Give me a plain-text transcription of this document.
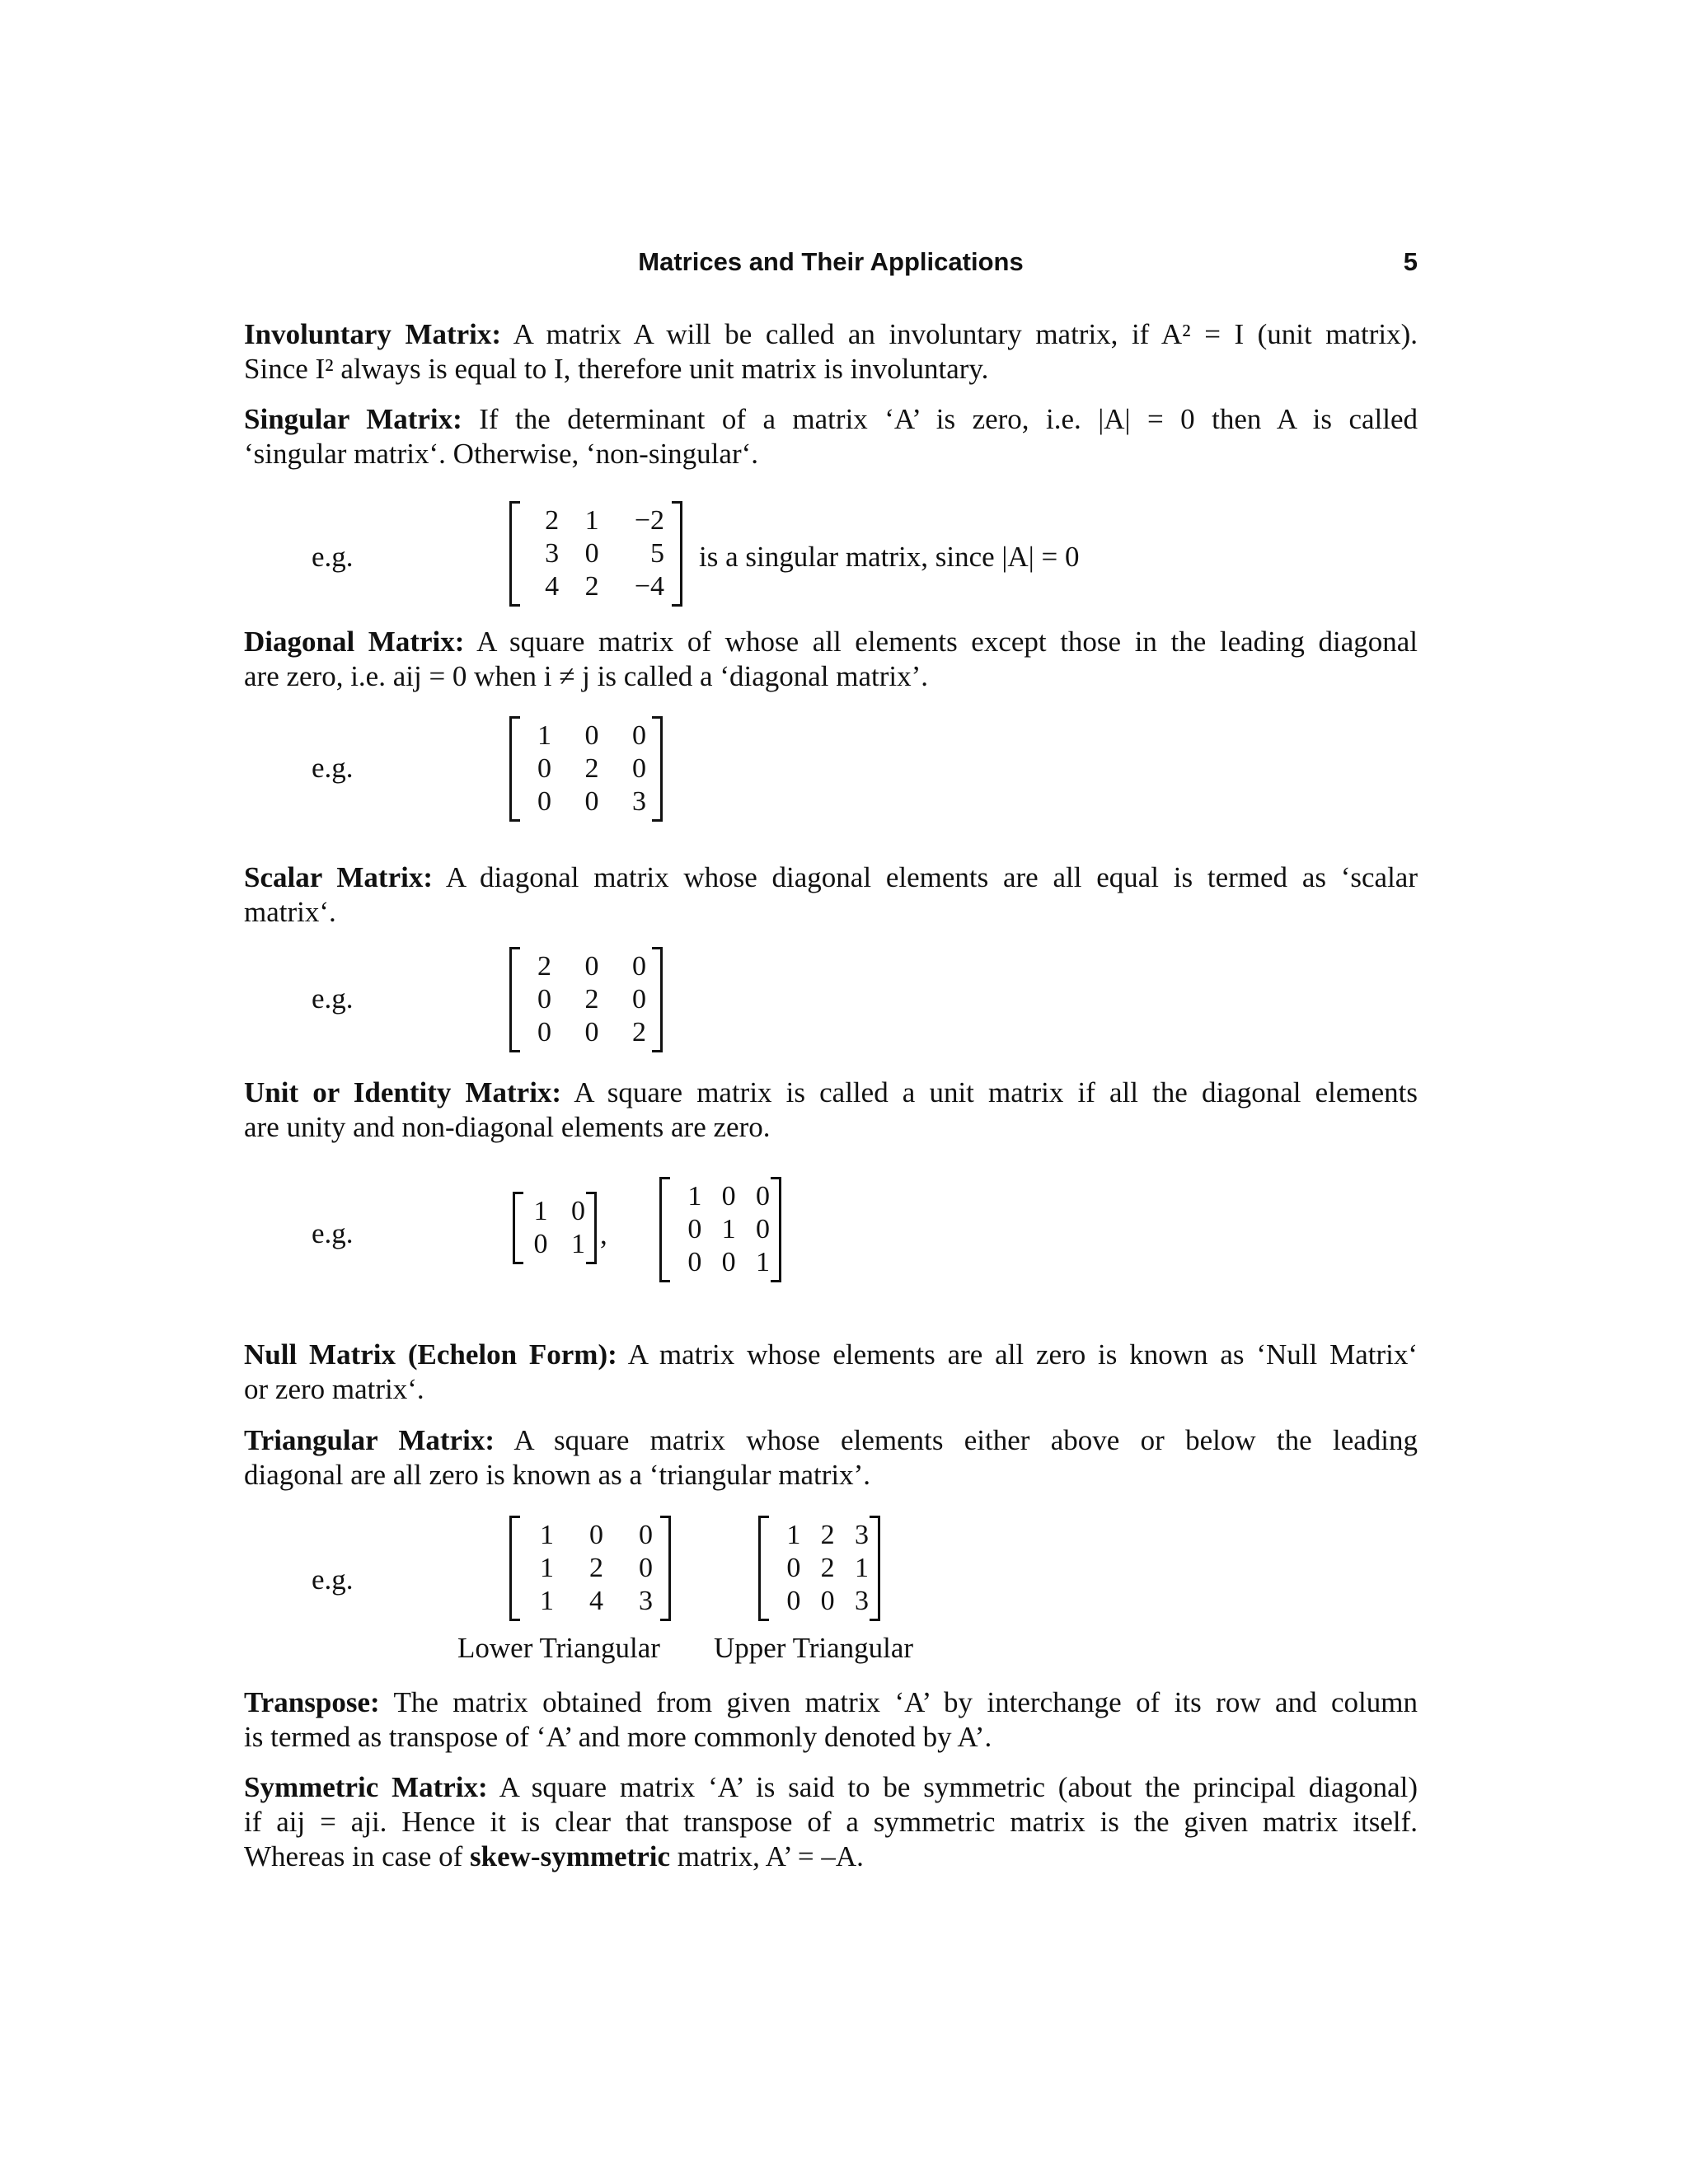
Matrices and Their Applications	5
Involuntary Matrix: A matrix A will be called an involuntary matrix, if A² = I (unit matrix).
Since I² always is equal to I, therefore unit matrix is involuntary.
Singular Matrix: If the determinant of a matrix ‘A’ is zero, i.e. |A| = 0 then A is called
‘singular matrix‘. Otherwise, ‘non-singular‘.
e.g.
2 1 −2
3 0 5
4 2 −4
is a singular matrix, since |A| = 0
Diagonal Matrix: A square matrix of whose all elements except those in the leading diagonal
are zero, i.e. aij = 0 when i ≠ j is called a ‘diagonal matrix’.
e.g.
1 0 0
0 2 0
0 0 3
Scalar Matrix: A diagonal matrix whose diagonal elements are all equal is termed as ‘scalar
matrix‘.
e.g.
2 0 0
0 2 0
0 0 2
Unit or Identity Matrix: A square matrix is called a unit matrix if all the diagonal elements
are unity and non-diagonal elements are zero.
e.g.
1 0
0 1 ,
1 0 0
0 1 0
0 0 1
Null Matrix (Echelon Form): A matrix whose elements are all zero is known as ‘Null Matrix‘
or zero matrix‘.
Triangular Matrix: A square matrix whose elements either above or below the leading
diagonal are all zero is known as a ‘triangular matrix’.
e.g.
1 0 0
1 2 0
1 4 3
1 2 3
0 2 1
0 0 3
Lower Triangular Upper Triangular
Transpose: The matrix obtained from given matrix ‘A’ by interchange of its row and column
is termed as transpose of ‘A’ and more commonly denoted by A’.
Symmetric Matrix: A square matrix ‘A’ is said to be symmetric (about the principal diagonal)
if aij = aji. Hence it is clear that transpose of a symmetric matrix is the given matrix itself.
Whereas in case of skew-symmetric matrix, A’ = –A.
